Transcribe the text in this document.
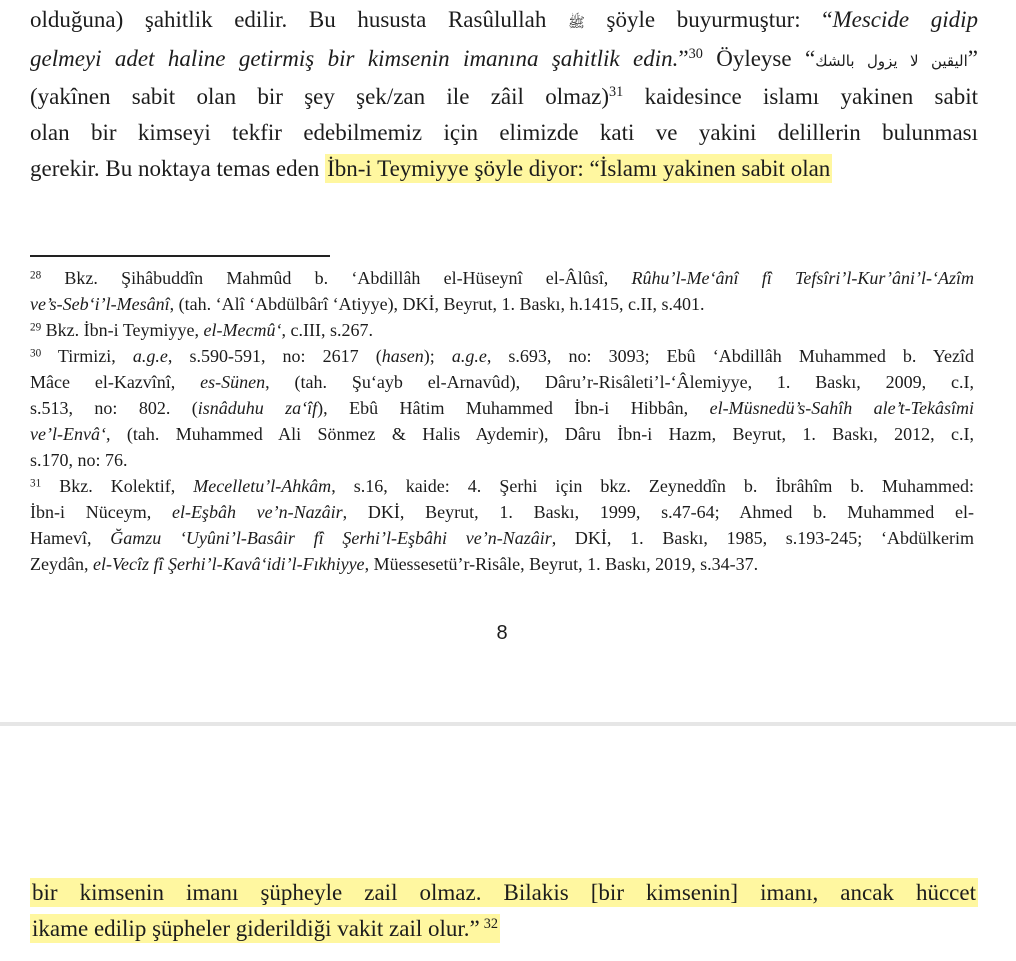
olduğuna) şahitlik edilir. Bu hususta Rasûlullah ﷺ şöyle buyurmuştur: “Mescide gidip
gelmeyi adet haline getirmiş bir kimsenin imanına şahitlik edin.”$^{30}$ Öyleyse “اليقين لا يزول بالشك”
(yakînen sabit olan bir şey şek/zan ile zâil olmaz)$^{31}$ kaidesince islamı yakinen sabit
olan bir kimseyi tekfir edebilmemiz için elimizde kati ve yakini delillerin bulunması
gerekir. Bu noktaya temas eden İbn-i Teymiyye şöyle diyor: “İslamı yakinen sabit olan
$^{28}$ Bkz. Şihâbuddîn Mahmûd b. ‘Abdillâh el-Hüseynî el-Âlûsî, Rûhu’l-Me‘ânî fî Tefsîri’l-Kur’âni’l-‘Azîm
ve’s-Seb‘i’l-Mesânî, (tah. ‘Alî ‘Abdülbârî ‘Atiyye), DKİ, Beyrut, 1. Baskı, h.1415, c.II, s.401.
$^{29}$ Bkz. İbn-i Teymiyye, el-Mecmû‘, c.III, s.267.
$^{30}$ Tirmizi, a.g.e, s.590-591, no: 2617 (hasen); a.g.e, s.693, no: 3093; Ebû ‘Abdillâh Muhammed b. Yezîd
Mâce el-Kazvînî, es-Sünen, (tah. Şu‘ayb el-Arnavûd), Dâru’r-Risâleti’l-‘Âlemiyye, 1. Baskı, 2009, c.I,
s.513, no: 802. (isnâduhu za‘îf), Ebû Hâtim Muhammed İbn-i Hibbân, el-Müsnedü’s-Sahîh ale’t-Tekâsîmi
ve’l-Envâ‘, (tah. Muhammed Ali Sönmez & Halis Aydemir), Dâru İbn-i Hazm, Beyrut, 1. Baskı, 2012, c.I,
s.170, no: 76.
$^{31}$ Bkz. Kolektif, Mecelletu’l-Ahkâm, s.16, kaide: 4. Şerhi için bkz. Zeyneddîn b. İbrâhîm b. Muhammed:
İbn-i Nüceym, el-Eşbâh ve’n-Nazâir, DKİ, Beyrut, 1. Baskı, 1999, s.47-64; Ahmed b. Muhammed el-
Hamevî, Ğamzu ‘Uyûni’l-Basâir fî Şerhi’l-Eşbâhi ve’n-Nazâir, DKİ, 1. Baskı, 1985, s.193-245; ‘Abdülkerim
Zeydân, el-Vecîz fî Şerhi’l-Kavâ‘idi’l-Fıkhiyye, Müessesetü’r-Risâle, Beyrut, 1. Baskı, 2019, s.34-37.
8
bir kimsenin imanı şüpheyle zail olmaz. Bilakis [bir kimsenin] imanı, ancak hüccet
ikame edilip şüpheler giderildiği vakit zail olur.” $^{32}$
